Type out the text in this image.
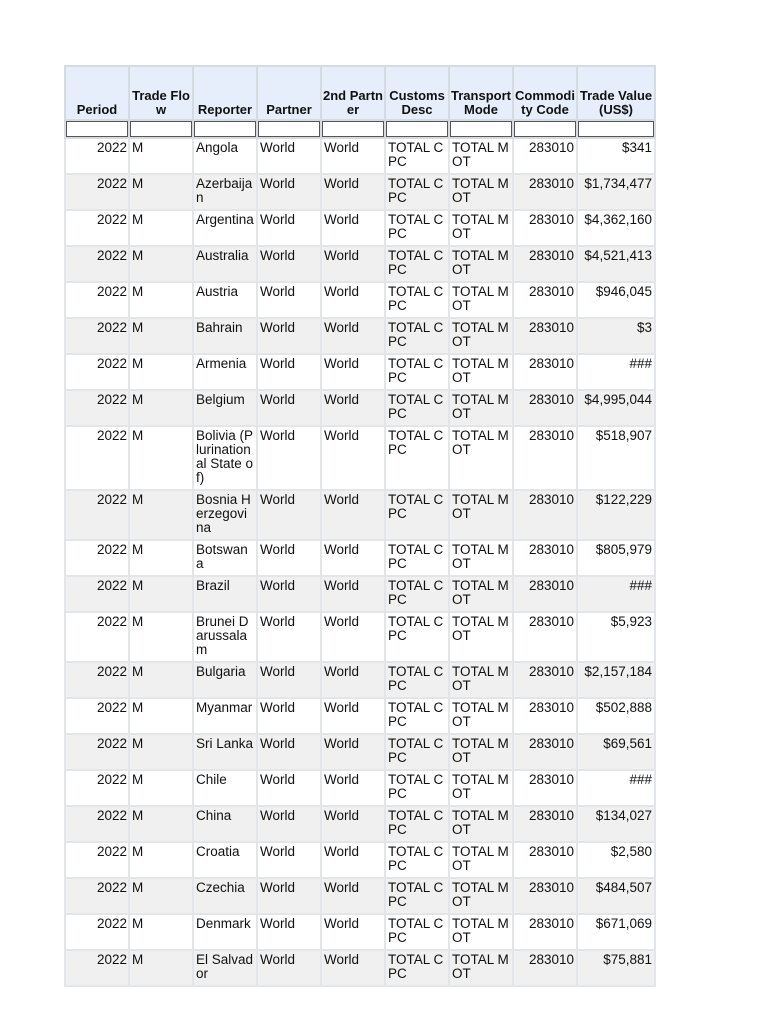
Period	Trade Flow	Reporter	Partner	2nd Partner	Customs Desc	Transport Mode	Commodity Code	Trade Value (US$)

2022	M	Angola	World	World	TOTAL CPC	TOTAL MOT	283010	$341
2022	M	Azerbaijan	World	World	TOTAL CPC	TOTAL MOT	283010	$1,734,477
2022	M	Argentina	World	World	TOTAL CPC	TOTAL MOT	283010	$4,362,160
2022	M	Australia	World	World	TOTAL CPC	TOTAL MOT	283010	$4,521,413
2022	M	Austria	World	World	TOTAL CPC	TOTAL MOT	283010	$946,045
2022	M	Bahrain	World	World	TOTAL CPC	TOTAL MOT	283010	$3
2022	M	Armenia	World	World	TOTAL CPC	TOTAL MOT	283010	###
2022	M	Belgium	World	World	TOTAL CPC	TOTAL MOT	283010	$4,995,044
2022	M	Bolivia (Plurinational State of)	World	World	TOTAL CPC	TOTAL MOT	283010	$518,907
2022	M	Bosnia Herzegovina	World	World	TOTAL CPC	TOTAL MOT	283010	$122,229
2022	M	Botswana	World	World	TOTAL CPC	TOTAL MOT	283010	$805,979
2022	M	Brazil	World	World	TOTAL CPC	TOTAL MOT	283010	###
2022	M	Brunei Darussalam	World	World	TOTAL CPC	TOTAL MOT	283010	$5,923
2022	M	Bulgaria	World	World	TOTAL CPC	TOTAL MOT	283010	$2,157,184
2022	M	Myanmar	World	World	TOTAL CPC	TOTAL MOT	283010	$502,888
2022	M	Sri Lanka	World	World	TOTAL CPC	TOTAL MOT	283010	$69,561
2022	M	Chile	World	World	TOTAL CPC	TOTAL MOT	283010	###
2022	M	China	World	World	TOTAL CPC	TOTAL MOT	283010	$134,027
2022	M	Croatia	World	World	TOTAL CPC	TOTAL MOT	283010	$2,580
2022	M	Czechia	World	World	TOTAL CPC	TOTAL MOT	283010	$484,507
2022	M	Denmark	World	World	TOTAL CPC	TOTAL MOT	283010	$671,069
2022	M	El Salvador	World	World	TOTAL CPC	TOTAL MOT	283010	$75,881
